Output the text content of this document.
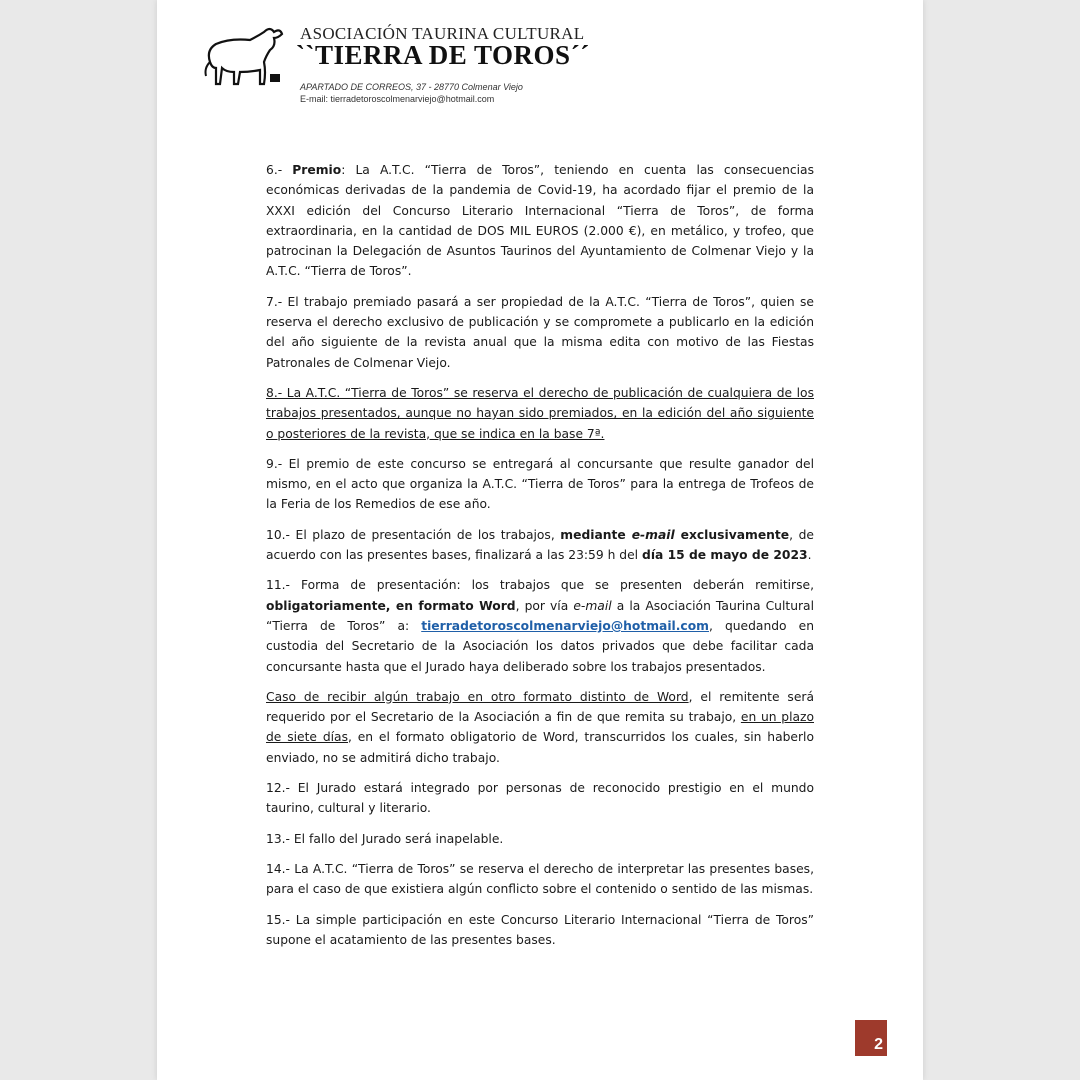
ASOCIACIÓN TAURINA CULTURAL
``TIERRA DE TOROS´´
APARTADO DE CORREOS, 37 - 28770 Colmenar Viejo
E-mail: tierradetoroscolmenarviejo@hotmail.com

6.- Premio: La A.T.C. “Tierra de Toros”, teniendo en cuenta las consecuencias económicas derivadas de la pandemia de Covid-19, ha acordado fijar el premio de la XXXI edición del Concurso Literario Internacional “Tierra de Toros”, de forma extraordinaria, en la cantidad de DOS MIL EUROS (2.000 €), en metálico, y trofeo, que patrocinan la Delegación de Asuntos Taurinos del Ayuntamiento de Colmenar Viejo y la A.T.C. “Tierra de Toros”.

7.- El trabajo premiado pasará a ser propiedad de la A.T.C. “Tierra de Toros”, quien se reserva el derecho exclusivo de publicación y se compromete a publicarlo en la edición del año siguiente de la revista anual que la misma edita con motivo de las Fiestas Patronales de Colmenar Viejo.

8.- La A.T.C. “Tierra de Toros” se reserva el derecho de publicación de cualquiera de los trabajos presentados, aunque no hayan sido premiados, en la edición del año siguiente o posteriores de la revista, que se indica en la base 7ª.

9.- El premio de este concurso se entregará al concursante que resulte ganador del mismo, en el acto que organiza la A.T.C. “Tierra de Toros” para la entrega de Trofeos de la Feria de los Remedios de ese año.

10.- El plazo de presentación de los trabajos, mediante e-mail exclusivamente, de acuerdo con las presentes bases, finalizará a las 23:59 h del día 15 de mayo de 2023.

11.- Forma de presentación: los trabajos que se presenten deberán remitirse, obligatoriamente, en formato Word, por vía e-mail a la Asociación Taurina Cultural “Tierra de Toros” a: tierradetoroscolmenarviejo@hotmail.com, quedando en custodia del Secretario de la Asociación los datos privados que debe facilitar cada concursante hasta que el Jurado haya deliberado sobre los trabajos presentados.

Caso de recibir algún trabajo en otro formato distinto de Word, el remitente será requerido por el Secretario de la Asociación a fin de que remita su trabajo, en un plazo de siete días, en el formato obligatorio de Word, transcurridos los cuales, sin haberlo enviado, no se admitirá dicho trabajo.

12.- El Jurado estará integrado por personas de reconocido prestigio en el mundo taurino, cultural y literario.

13.- El fallo del Jurado será inapelable.

14.- La A.T.C. “Tierra de Toros” se reserva el derecho de interpretar las presentes bases, para el caso de que existiera algún conflicto sobre el contenido o sentido de las mismas.

15.- La simple participación en este Concurso Literario Internacional “Tierra de Toros” supone el acatamiento de las presentes bases.

2
